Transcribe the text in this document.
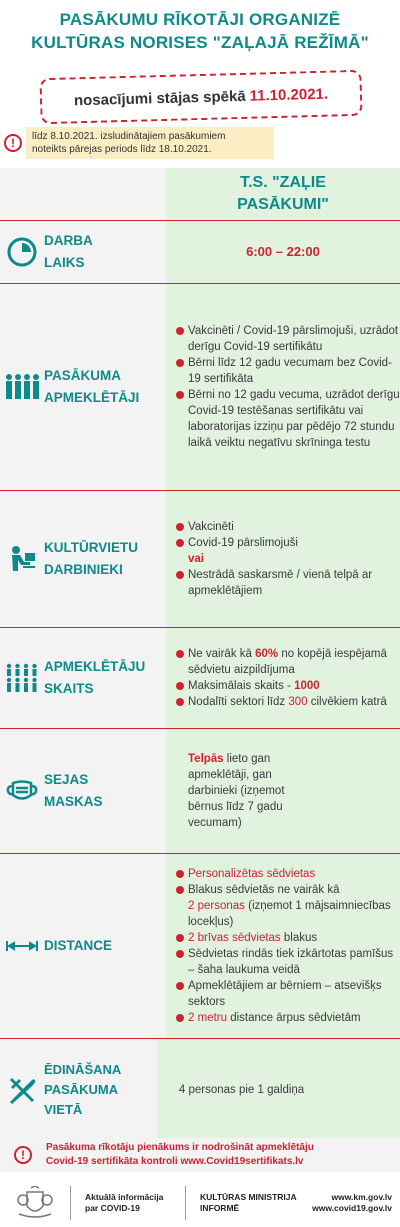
PASĀKUMU RĪKOTĀJI ORGANIZĒ
KULTŪRAS NORISES "ZAĻAJĀ REŽĪMĀ"
nosacījumi stājas spēkā 11.10.2021.
!	līdz 8.10.2021. izsludinātajiem pasākumiem
noteikts pārejas periods līdz 18.10.2021.
T.S. "ZAĻIE
PASĀKUMI"
DARBA
LAIKS
6:00 – 22:00
PASĀKUMA
APMEKLĒTĀJI
Vakcinēti / Covid-19 pārslimojuši, uzrādot derīgu Covid-19 sertifikātu
Bērni līdz 12 gadu vecumam bez Covid-19 sertifikāta
Bērni no 12 gadu vecuma, uzrādot derīgu Covid-19 testēšanas sertifikātu vai laboratorijas izziņu par pēdējo 72 stundu laikā veiktu negatīvu skrīninga testu
KULTŪRVIETU
DARBINIEKI
Vakcinēti
Covid-19 pārslimojuši
vai
Nestrādā saskarsmē / vienā telpā ar apmeklētājiem
APMEKLĒTĀJU
SKAITS
Ne vairāk kā 60% no kopējā iespējamā sēdvietu aizpildījuma
Maksimālais skaits - 1000
Nodalīti sektori līdz 300 cilvēkiem katrā
SEJAS
MASKAS
Telpās lieto gan apmeklētāji, gan darbinieki (izņemot bērnus līdz 7 gadu vecumam)
DISTANCE
Personalizētas sēdvietas
Blakus sēdvietās ne vairāk kā
2 personas (izņemot 1 mājsaimniecības locekļus)
2 brīvas sēdvietas blakus
Sēdvietas rindās tiek izkārtotas pamīšus – šaha laukuma veidā
Apmeklētājiem ar bērniem – atsevišķs sektors
2 metru distance ārpus sēdvietām
ĒDINĀŠANA
PASĀKUMA
VIETĀ
4 personas pie 1 galdiņa
!
Pasākuma rīkotāju pienākums ir nodrošināt apmeklētāju
Covid-19 sertifikāta kontroli www.Covid19sertifikats.lv
Aktuālā informācija
par COVID-19
KULTŪRAS MINISTRIJA
INFORMĒ
www.km.gov.lv
www.covid19.gov.lv
